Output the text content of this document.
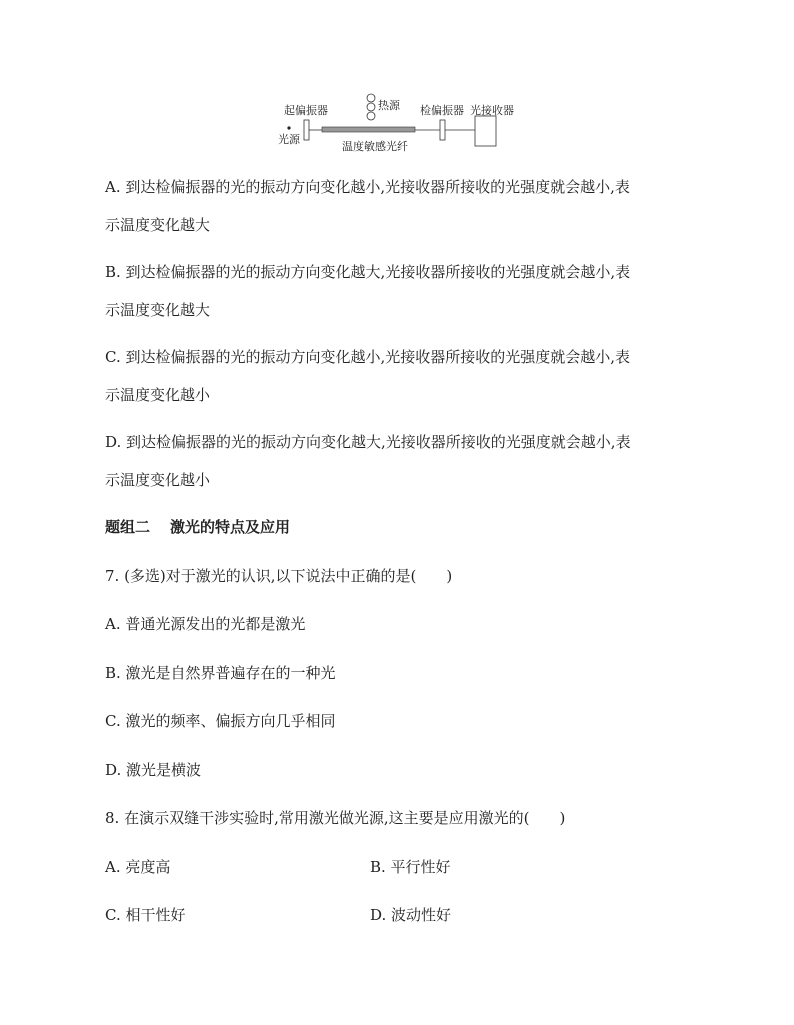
起偏振器	热源 检偏振器 光接收器
光源
温度敏感光纤
A. 到达检偏振器的光的振动方向变化越小,光接收器所接收的光强度就会越小,表
示温度变化越大
B. 到达检偏振器的光的振动方向变化越大,光接收器所接收的光强度就会越小,表
示温度变化越大
C. 到达检偏振器的光的振动方向变化越小,光接收器所接收的光强度就会越小,表
示温度变化越小
D. 到达检偏振器的光的振动方向变化越大,光接收器所接收的光强度就会越小,表
示温度变化越小
题组二 激光的特点及应用
7. (多选)对于激光的认识,以下说法中正确的是(　　)
A. 普通光源发出的光都是激光
B. 激光是自然界普遍存在的一种光
C. 激光的频率、偏振方向几乎相同
D. 激光是横波
8. 在演示双缝干涉实验时,常用激光做光源,这主要是应用激光的(　　)
A. 亮度高	B. 平行性好
C. 相干性好	D. 波动性好
